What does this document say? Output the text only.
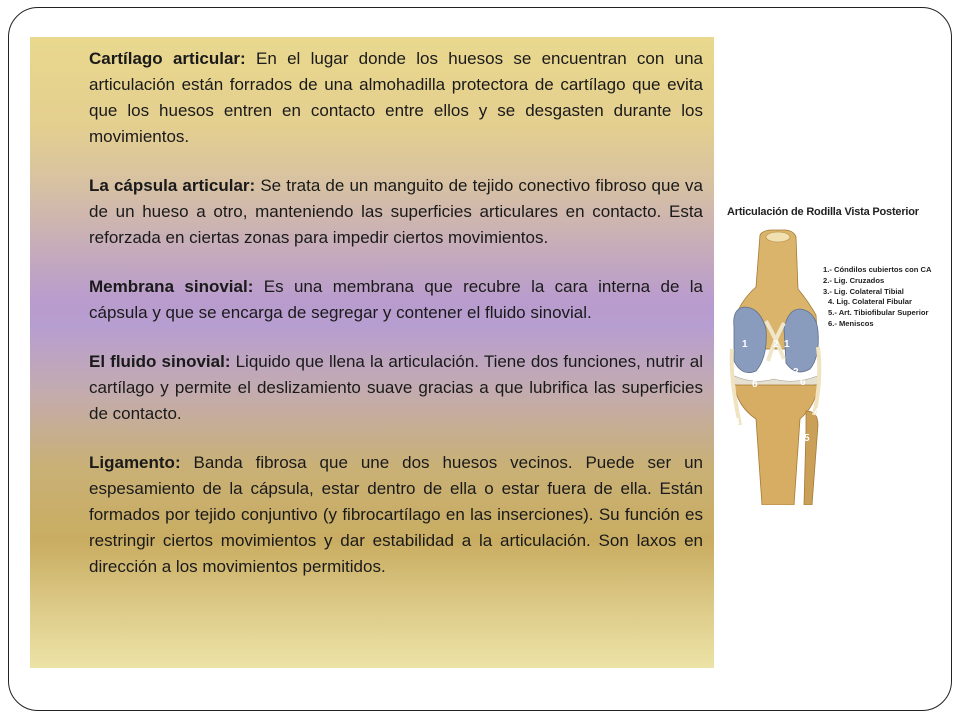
Cartílago articular: En el lugar donde los huesos se encuentran con una articulación están forrados de una almohadilla protectora de cartílago que evita que los huesos entren en contacto entre ellos y se desgasten durante los movimientos.

La cápsula articular: Se trata de un manguito de tejido conectivo fibroso que va de un hueso a otro, manteniendo las superficies articulares en contacto. Esta reforzada en ciertas zonas para impedir ciertos movimientos.

Membrana sinovial: Es una membrana que recubre la cara interna de la cápsula y que se encarga de segregar y contener el fluido sinovial.

El fluido sinovial: Liquido que llena la articulación. Tiene dos funciones, nutrir al cartílago y permite el deslizamiento suave gracias a que lubrifica las superficies de contacto.

Ligamento: Banda fibrosa que une dos huesos vecinos. Puede ser un espesamiento de la cápsula, estar dentro de ella o estar fuera de ella. Están formados por tejido conjuntivo (y fibrocartílago en las inserciones). Su función es restringir ciertos movimientos y dar estabilidad a la articulación. Son laxos en dirección a los movimientos permitidos.

1	2 1
6
2
6
3
4
5
Articulación de Rodilla Vista Posterior
1.- Cóndilos cubiertos con CA
2.- Lig. Cruzados
3.- Lig. Colateral Tibial
4. Lig. Colateral Fibular
5.- Art. Tibiofibular Superior
6.- Meniscos
